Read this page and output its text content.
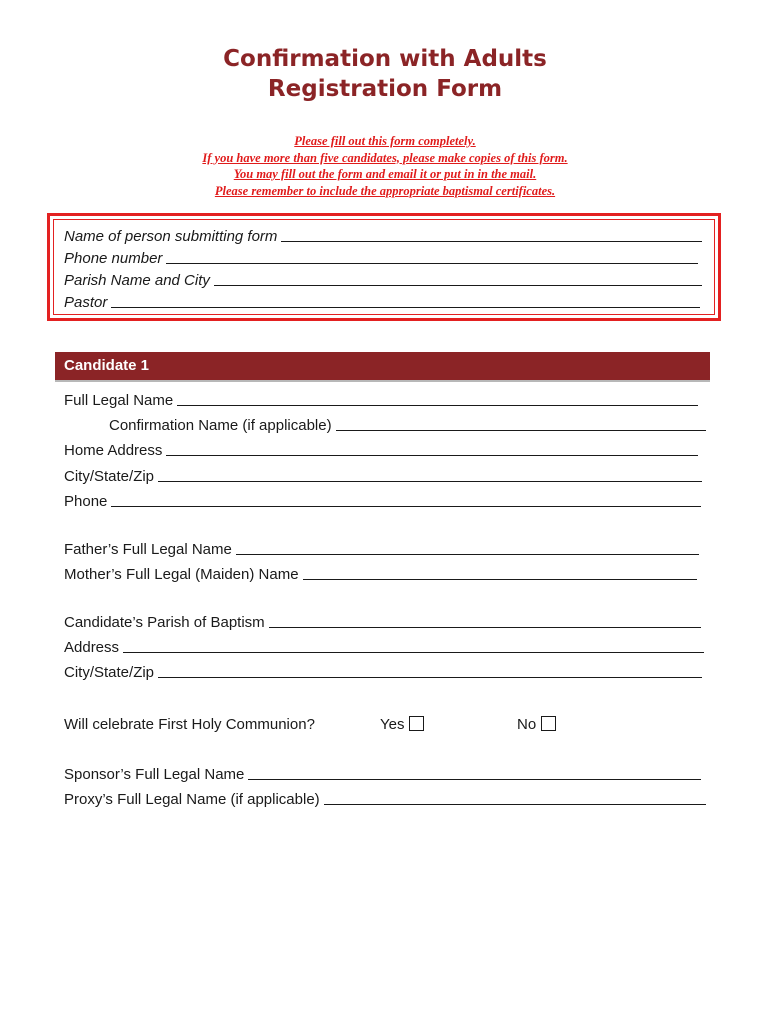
Confirmation with Adults
Registration Form
Please fill out this form completely.
If you have more than five candidates, please make copies of this form.
You may fill out the form and email it or put in in the mail.
Please remember to include the appropriate baptismal certificates.
Name of person submitting form
Phone number
Parish Name and City
Pastor
Candidate 1
Full Legal Name
Confirmation Name (if applicable)
Home Address
City/State/Zip
Phone
Father’s Full Legal Name
Mother’s Full Legal (Maiden) Name
Candidate’s Parish of Baptism
Address
City/State/Zip
Will celebrate First Holy Communion?	Yes	No
Sponsor’s Full Legal Name
Proxy’s Full Legal Name (if applicable)
